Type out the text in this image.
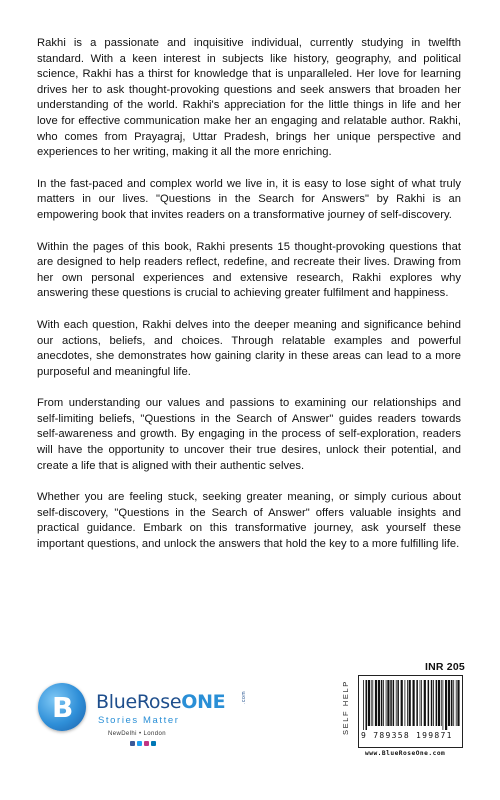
Rakhi is a passionate and inquisitive individual, currently studying in twelfth standard. With a keen interest in subjects like history, geography, and political science, Rakhi has a thirst for knowledge that is unparalleled. Her love for learning drives her to ask thought-provoking questions and seek answers that broaden her understanding of the world. Rakhi's appreciation for the little things in life and her love for effective communication make her an engaging and relatable author. Rakhi, who comes from Prayagraj, Uttar Pradesh, brings her unique perspective and experiences to her writing, making it all the more enriching.

In the fast-paced and complex world we live in, it is easy to lose sight of what truly matters in our lives. "Questions in the Search for Answers" by Rakhi is an empowering book that invites readers on a transformative journey of self-discovery.

Within the pages of this book, Rakhi presents 15 thought-provoking questions that are designed to help readers reflect, redefine, and recreate their lives. Drawing from her own personal experiences and extensive research, Rakhi explores why answering these questions is crucial to achieving greater fulfilment and happiness.

With each question, Rakhi delves into the deeper meaning and significance behind our actions, beliefs, and choices. Through relatable examples and powerful anecdotes, she demonstrates how gaining clarity in these areas can lead to a more purposeful and meaningful life.

From understanding our values and passions to examining our relationships and self-limiting beliefs, "Questions in the Search of Answer" guides readers towards self-awareness and growth. By engaging in the process of self-exploration, readers will have the opportunity to uncover their true desires, unlock their potential, and create a life that is aligned with their authentic selves.

Whether you are feeling stuck, seeking greater meaning, or simply curious about self-discovery, "Questions in the Search of Answer" offers valuable insights and practical guidance. Embark on this transformative journey, ask yourself these important questions, and unlock the answers that hold the key to a more fulfilling life.

B BlueRoseONE	.com
Stories Matter
NewDelhi • London
INR 205
SELF HELP
9 789358 199871
www.BlueRoseOne.com
